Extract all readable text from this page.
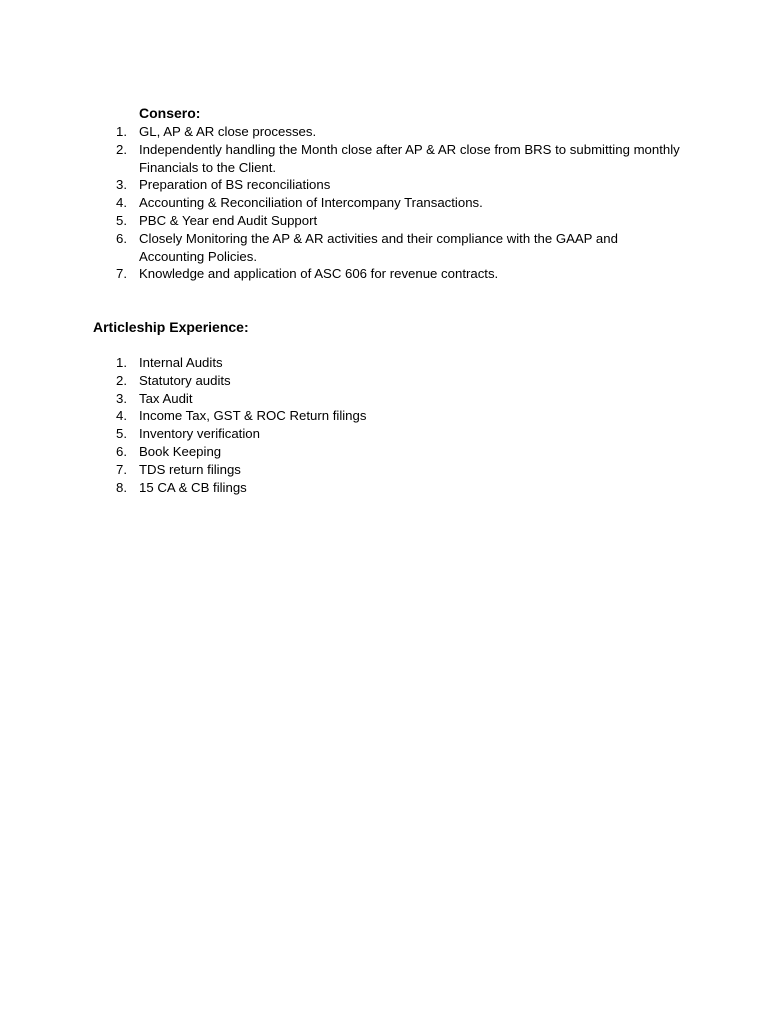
Consero:
1. GL, AP & AR close processes.
2. Independently handling the Month close after AP & AR close from BRS to submitting monthly Financials to the Client.
3. Preparation of BS reconciliations
4. Accounting & Reconciliation of Intercompany Transactions.
5. PBC & Year end Audit Support
6. Closely Monitoring the AP & AR activities and their compliance with the GAAP and Accounting Policies.
7. Knowledge and application of ASC 606 for revenue contracts.
Articleship Experience:
1. Internal Audits
2. Statutory audits
3. Tax Audit
4. Income Tax, GST & ROC Return filings
5. Inventory verification
6. Book Keeping
7. TDS return filings
8. 15 CA & CB filings
